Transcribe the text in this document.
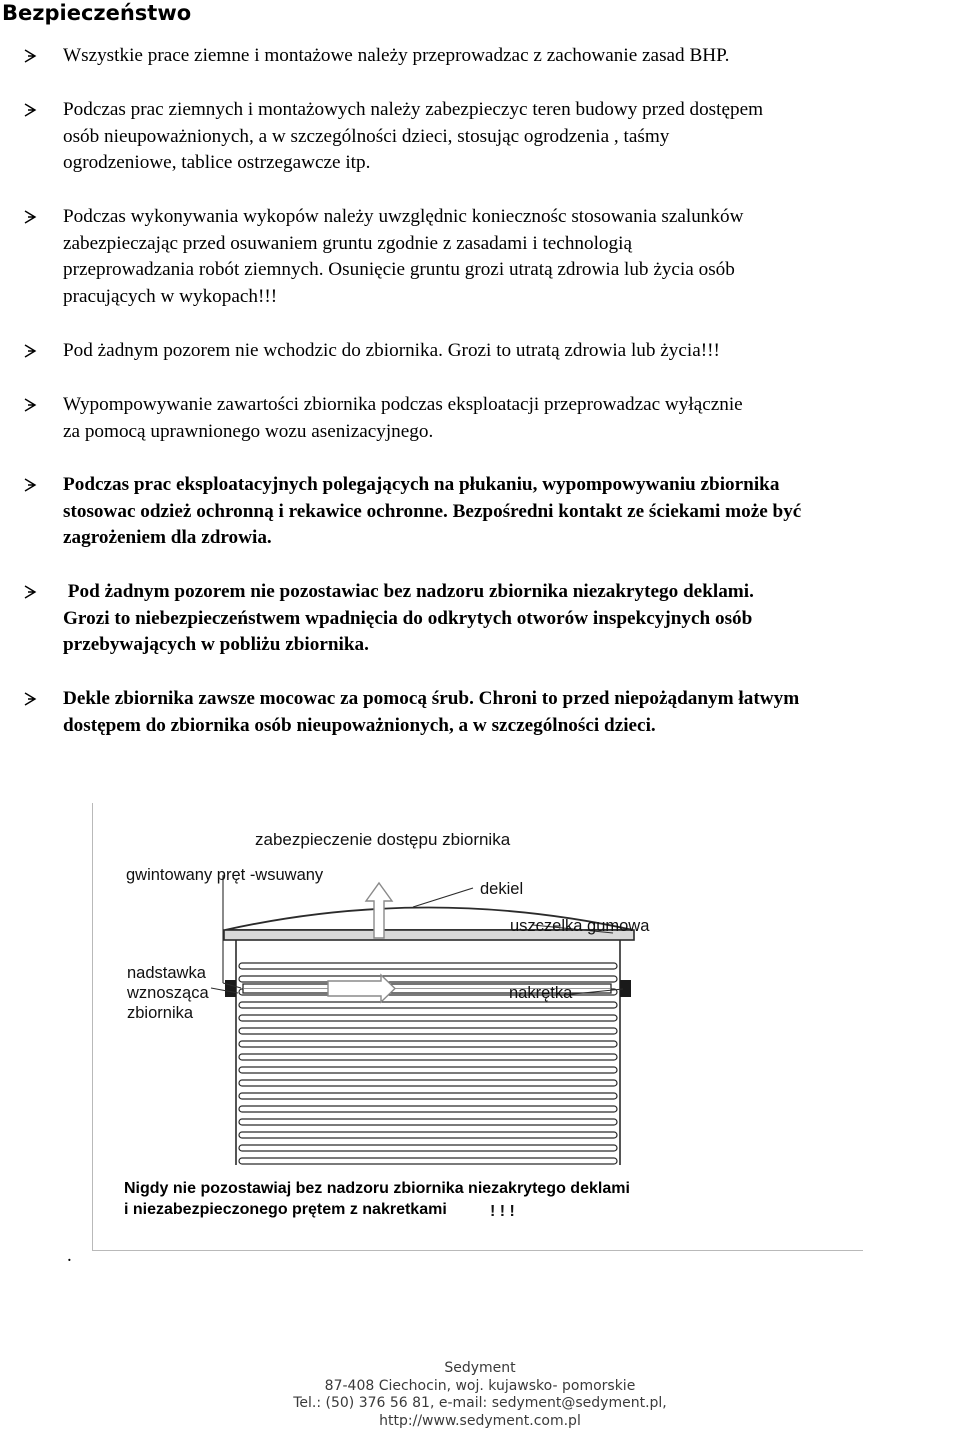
Bezpieczeństwo
Wszystkie prace ziemne i montażowe należy przeprowadzac z zachowanie zasad BHP.
Podczas prac ziemnych i montażowych należy zabezpieczyc teren budowy przed dostępem
osób nieupoważnionych, a w szczególności dzieci, stosując ogrodzenia , taśmy
ogrodzeniowe, tablice ostrzegawcze itp.
Podczas wykonywania wykopów należy uwzględnic koniecznośc stosowania szalunków
zabezpieczając przed osuwaniem gruntu zgodnie z zasadami i technologią
przeprowadzania robót ziemnych. Osunięcie gruntu grozi utratą zdrowia lub życia osób
pracujących w wykopach!!!
Pod żadnym pozorem nie wchodzic do zbiornika. Grozi to utratą zdrowia lub życia!!!
Wypompowywanie zawartości zbiornika podczas eksploatacji przeprowadzac wyłącznie
za pomocą uprawnionego wozu asenizacyjnego.
Podczas prac eksploatacyjnych polegających na płukaniu, wypompowywaniu zbiornika
stosowac odzież ochronną i rekawice ochronne. Bezpośredni kontakt ze ściekami może być
zagrożeniem dla zdrowia.
Pod żadnym pozorem nie pozostawiac bez nadzoru zbiornika niezakrytego deklami.
Grozi to niebezpieczeństwem wpadnięcia do odkrytych otworów inspekcyjnych osób
przebywających w pobliżu zbiornika.
Dekle zbiornika zawsze mocowac za pomocą śrub. Chroni to przed niepożądanym łatwym
dostępem do zbiornika osób nieupoważnionych, a w szczególności dzieci.
! ! !
zabezpieczenie dostępu zbiornika
gwintowany pręt -wsuwany
dekiel
uszczelka gumowa
nadstawka
wznosząca
zbiornika
nakrętka
Nigdy nie pozostawiaj bez nadzoru zbiornika niezakrytego deklami
i niezabezpieczonego prętem z nakretkami
.
Sedyment
87-408 Ciechocin, woj. kujawsko- pomorskie
Tel.: (50) 376 56 81, e-mail: sedyment@sedyment.pl,
http://www.sedyment.com.pl
